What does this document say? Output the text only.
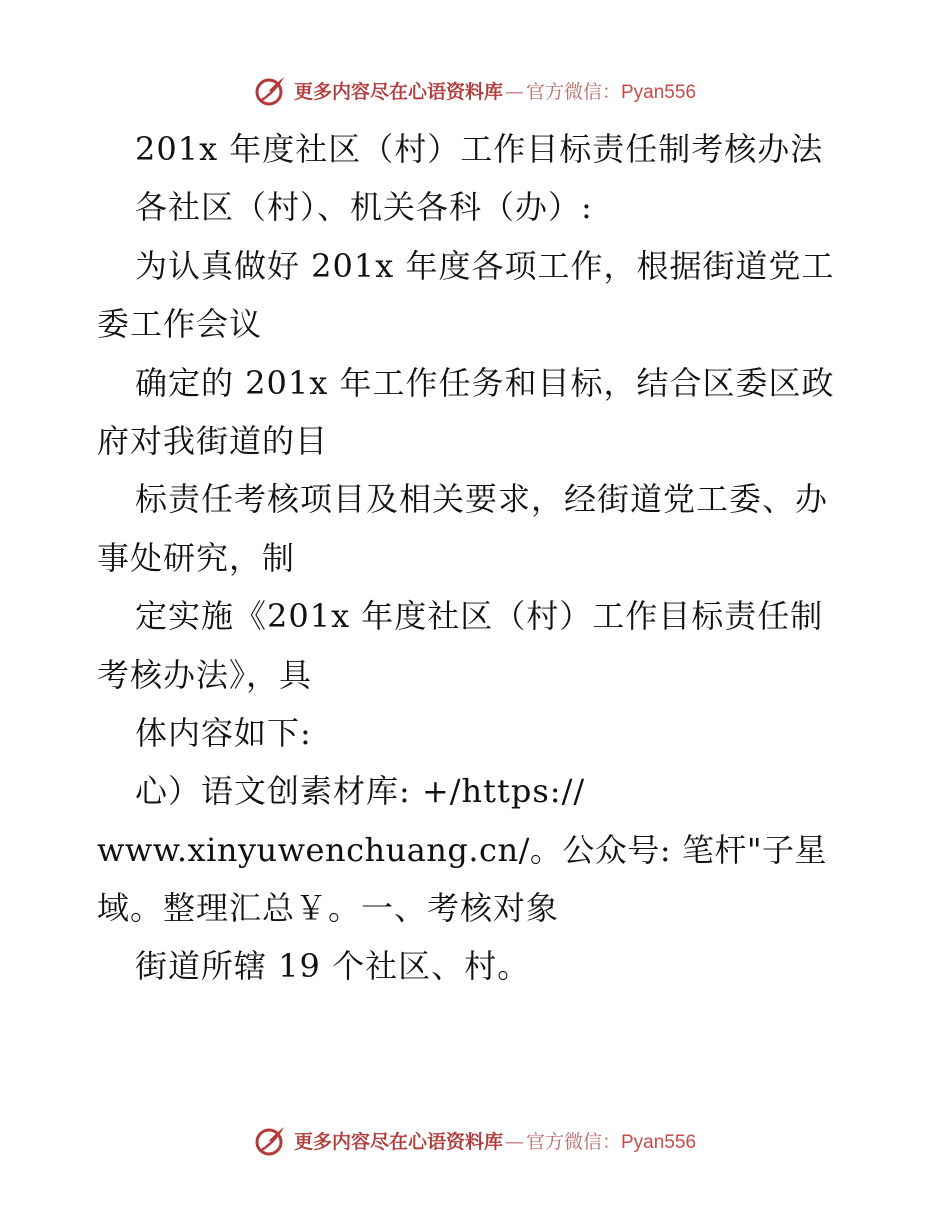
更多内容尽在心语资料库 — 官方微信：Pyan556
201x 年度社区（村）工作目标责任制考核办法
各社区（村）、机关各科（办）:
为认真做好 201x 年度各项工作，根据街道党工
委工作会议
确定的 201x 年工作任务和目标，结合区委区政
府对我街道的目
标责任考核项目及相关要求，经街道党工委、办
事处研究，制
定实施《201x 年度社区（村）工作目标责任制
考核办法》，具
体内容如下:
心）语文创素材库: +/https://
www.xinyuwenchuang.cn/。公众号: 笔杆"子星
域。整理汇总￥。一、考核对象
街道所辖 19 个社区、村。
更多内容尽在心语资料库 — 官方微信：Pyan556
